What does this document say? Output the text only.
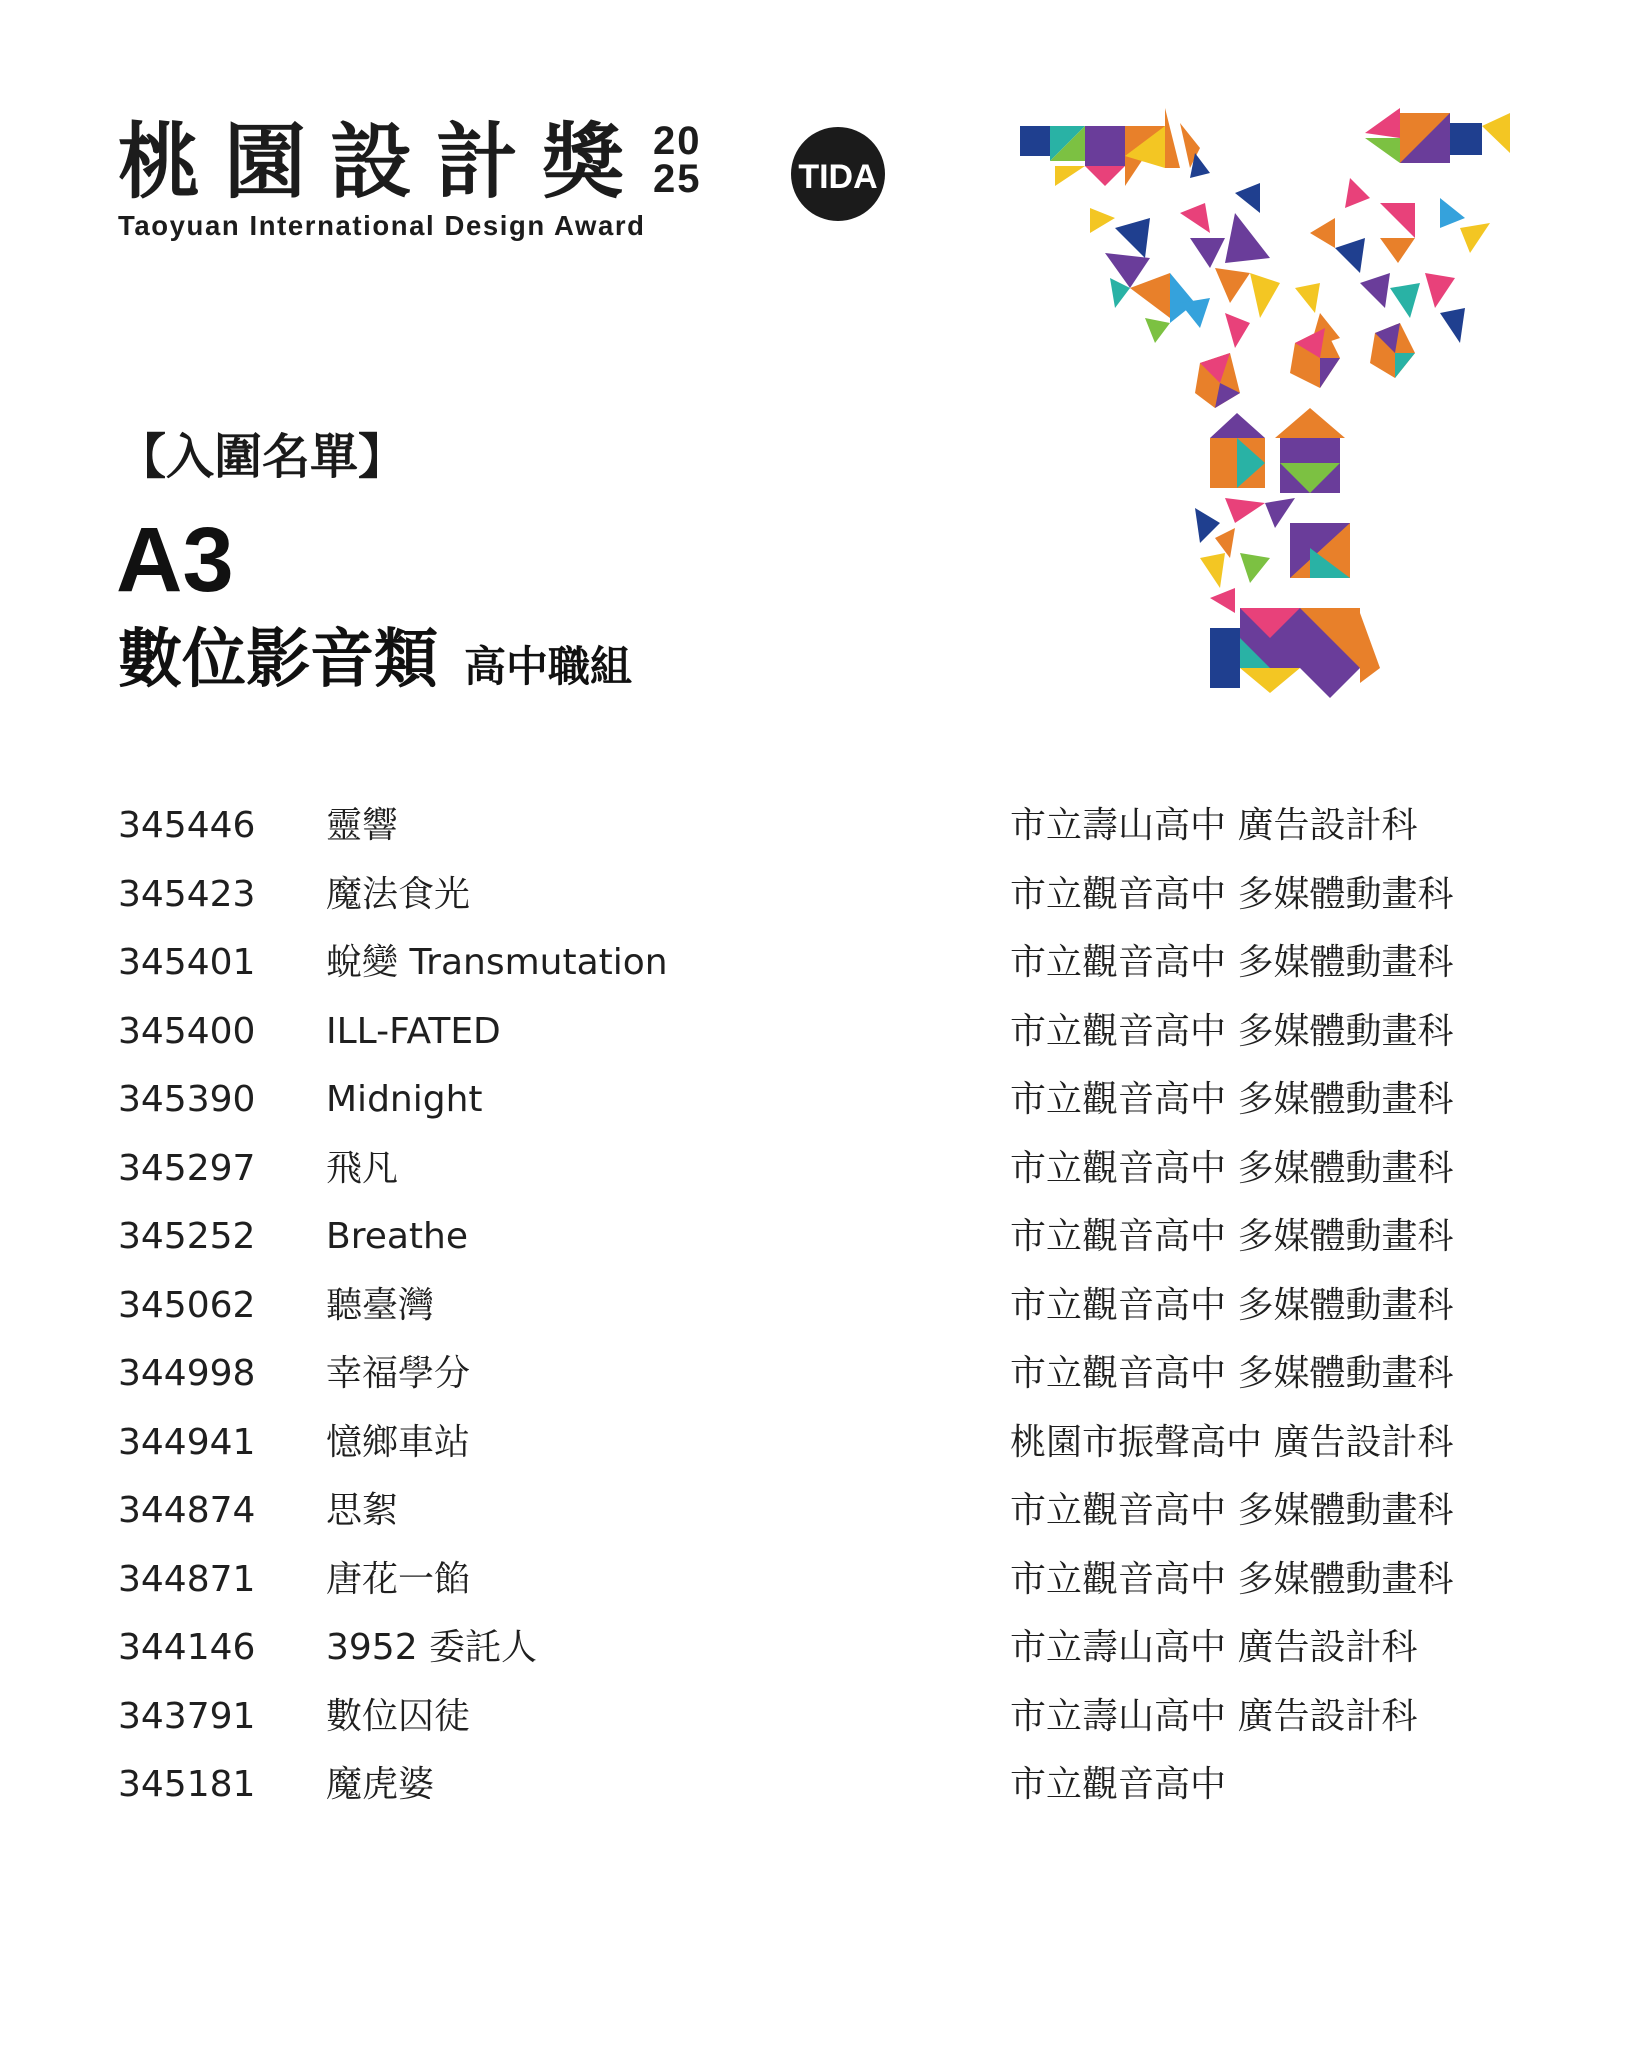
桃園設計獎 20
25
Taoyuan International Design Award
TIDA
【入圍名單】
A3
數位影音類 高中職組
345446 靈響	市立壽山高中 廣告設計科
345423 魔法食光	市立觀音高中 多媒體動畫科
345401 蛻變 Transmutation	市立觀音高中 多媒體動畫科
345400 ILL-FATED	市立觀音高中 多媒體動畫科
345390 Midnight	市立觀音高中 多媒體動畫科
345297 飛凡	市立觀音高中 多媒體動畫科
345252 Breathe	市立觀音高中 多媒體動畫科
345062 聽臺灣	市立觀音高中 多媒體動畫科
344998 幸福學分	市立觀音高中 多媒體動畫科
344941 憶鄉車站	桃園市振聲高中 廣告設計科
344874 思絮	市立觀音高中 多媒體動畫科
344871 唐花一餡	市立觀音高中 多媒體動畫科
344146 3952 委託人	市立壽山高中 廣告設計科
343791 數位囚徒	市立壽山高中 廣告設計科
345181 魔虎婆	市立觀音高中
